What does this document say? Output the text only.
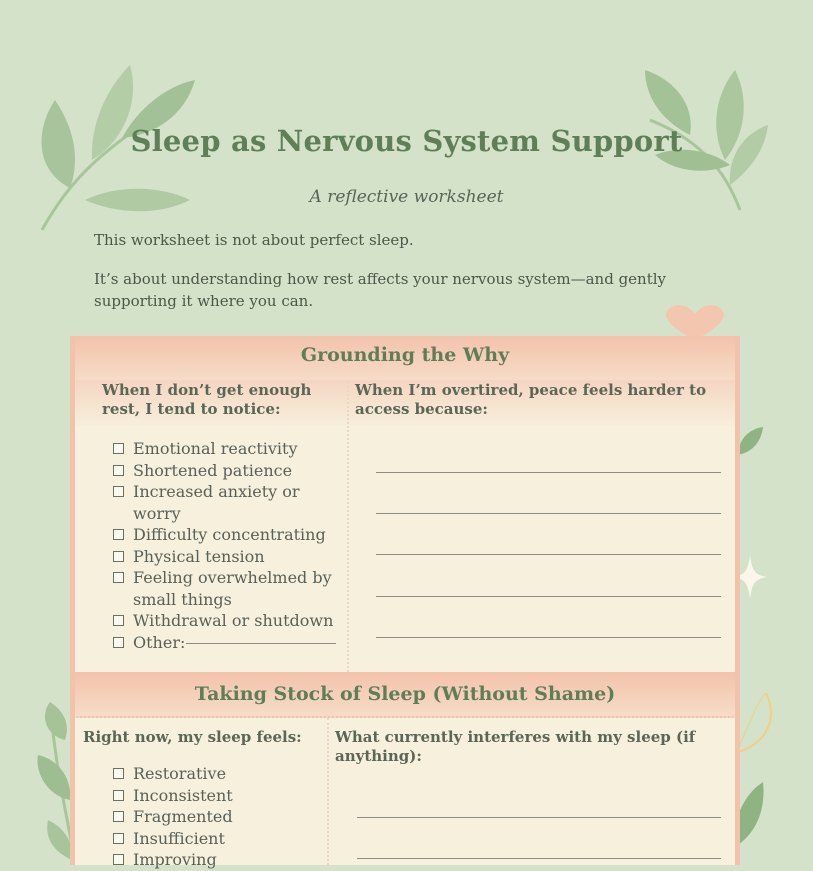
Sleep as Nervous System Support
A reflective worksheet
This worksheet is not about perfect sleep.
It’s about understanding how rest affects your nervous system—and gently supporting it where you can.
Grounding the Why
When I don’t get enough rest, I tend to notice:
When I’m overtired, peace feels harder to access because:
Emotional reactivity
Shortened patience
Increased anxiety or worry
Difficulty concentrating
Physical tension
Feeling overwhelmed by small things
Withdrawal or shutdown
Other:
Taking Stock of Sleep (Without Shame)
Right now, my sleep feels:	What currently interferes with my sleep (if anything):
Restorative
Inconsistent
Fragmented
Insufficient
Improving
